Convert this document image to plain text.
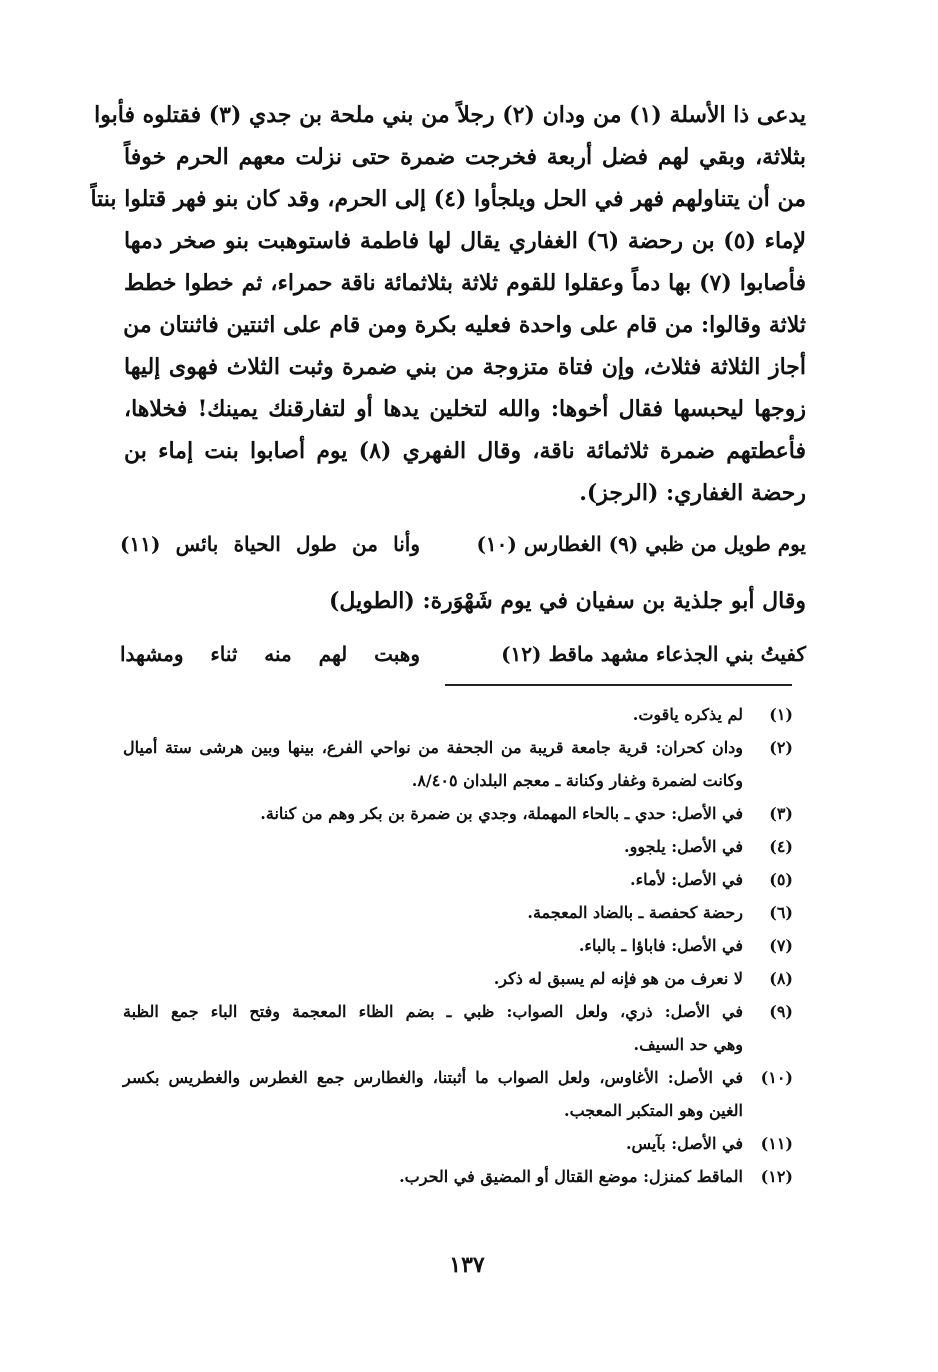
يدعى ذا الأسلة (١) من ودان (٢) رجلاً من بني ملحة بن جدي (٣) فقتلوه فأبوا
بثلاثة، وبقي لهم فضل أربعة فخرجت ضمرة حتى نزلت معهم الحرم خوفاً
من أن يتناولهم فهر في الحل ويلجأوا (٤) إلى الحرم، وقد كان بنو فهر قتلوا بنتاً
لإماء (٥) بن رحضة (٦) الغفاري يقال لها فاطمة فاستوهبت بنو صخر دمها
فأصابوا (٧) بها دماً وعقلوا للقوم ثلاثة بثلاثمائة ناقة حمراء، ثم خطوا خطط
ثلاثة وقالوا: من قام على واحدة فعليه بكرة ومن قام على اثنتين فاثنتان من
أجاز الثلاثة فثلاث، وإن فتاة متزوجة من بني ضمرة وثبت الثلاث فهوى إليها
زوجها ليحبسها فقال أخوها: والله لتخلين يدها أو لتفارقنك يمينك! فخلاها،
فأعطتهم ضمرة ثلاثمائة ناقة، وقال الفهري (٨) يوم أصابوا بنت إماء بن
رحضة الغفاري: (الرجز).
يوم طويل من ظبي (٩) الغطارس (١٠)
وأنا من طول الحياة بائس (١١)
وقال أبو جلذية بن سفيان في يوم شَهْوَرة: (الطويل)
كفيتُ بني الجذعاء مشهد ماقط (١٢)
وهبت لهم منه ثناء ومشهدا
(١)
لم يذكره ياقوت.
(٢)
ودان كحران: قرية جامعة قريبة من الجحفة من نواحي الفرع، بينها وبين هرشى ستة أميال
وكانت لضمرة وغفار وكنانة ـ معجم البلدان ٨/٤٠٥.
(٣)
في الأصل: حدي ـ بالحاء المهملة، وجدي بن ضمرة بن بكر وهم من كنانة.
(٤)
في الأصل: يلجوو.
(٥)
في الأصل: لأماء.
(٦)
رحضة كحفصة ـ بالضاد المعجمة.
(٧)
في الأصل: فاباؤا ـ بالباء.
(٨)
لا نعرف من هو فإنه لم يسبق له ذكر.
(٩)
في الأصل: ذري، ولعل الصواب: ظبي ـ بضم الظاء المعجمة وفتح الباء جمع الظبة
وهي حد السيف.
(١٠)
في الأصل: الأغاوس، ولعل الصواب ما أثبتنا، والغطارس جمع الغطرس والغطريس بكسر
الغين وهو المتكبر المعجب.
(١١)
في الأصل: بآيس.
(١٢)
الماقط كمنزل: موضع القتال أو المضيق في الحرب.
١٣٧
